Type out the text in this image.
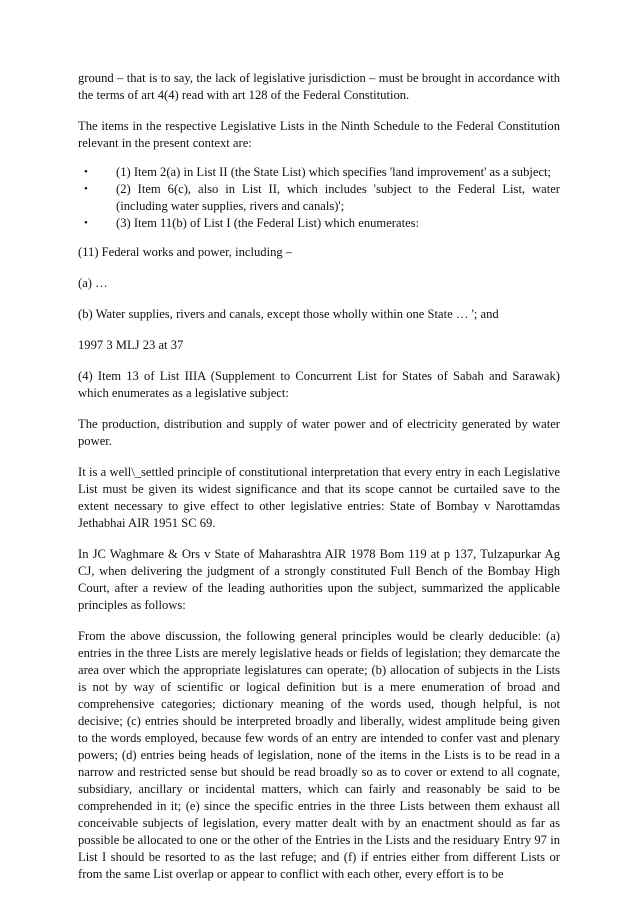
ground – that is to say, the lack of legislative jurisdiction – must be brought in accordance with the terms of art 4(4) read with art 128 of the Federal Constitution.

The items in the respective Legislative Lists in the Ninth Schedule to the Federal Constitution relevant in the present context are:

• (1) Item 2(a) in List II (the State List) which specifies 'land improvement' as a subject;
• (2) Item 6(c), also in List II, which includes 'subject to the Federal List, water (including water supplies, rivers and canals)';
• (3) Item 11(b) of List I (the Federal List) which enumerates:

(11) Federal works and power, including –

(a) …

(b) Water supplies, rivers and canals, except those wholly within one State … '; and

1997 3 MLJ 23 at 37

(4) Item 13 of List IIIA (Supplement to Concurrent List for States of Sabah and Sarawak) which enumerates as a legislative subject:

The production, distribution and supply of water power and of electricity generated by water power.

It is a well\_settled principle of constitutional interpretation that every entry in each Legislative List must be given its widest significance and that its scope cannot be curtailed save to the extent necessary to give effect to other legislative entries: State of Bombay v Narottamdas Jethabhai AIR 1951 SC 69.

In JC Waghmare & Ors v State of Maharashtra AIR 1978 Bom 119 at p 137, Tulzapurkar Ag CJ, when delivering the judgment of a strongly constituted Full Bench of the Bombay High Court, after a review of the leading authorities upon the subject, summarized the applicable principles as follows:

From the above discussion, the following general principles would be clearly deducible: (a) entries in the three Lists are merely legislative heads or fields of legislation; they demarcate the area over which the appropriate legislatures can operate; (b) allocation of subjects in the Lists is not by way of scientific or logical definition but is a mere enumeration of broad and comprehensive categories; dictionary meaning of the words used, though helpful, is not decisive; (c) entries should be interpreted broadly and liberally, widest amplitude being given to the words employed, because few words of an entry are intended to confer vast and plenary powers; (d) entries being heads of legislation, none of the items in the Lists is to be read in a narrow and restricted sense but should be read broadly so as to cover or extend to all cognate, subsidiary, ancillary or incidental matters, which can fairly and reasonably be said to be comprehended in it; (e) since the specific entries in the three Lists between them exhaust all conceivable subjects of legislation, every matter dealt with by an enactment should as far as possible be allocated to one or the other of the Entries in the Lists and the residuary Entry 97 in List I should be resorted to as the last refuge; and (f) if entries either from different Lists or from the same List overlap or appear to conflict with each other, every effort is to be
